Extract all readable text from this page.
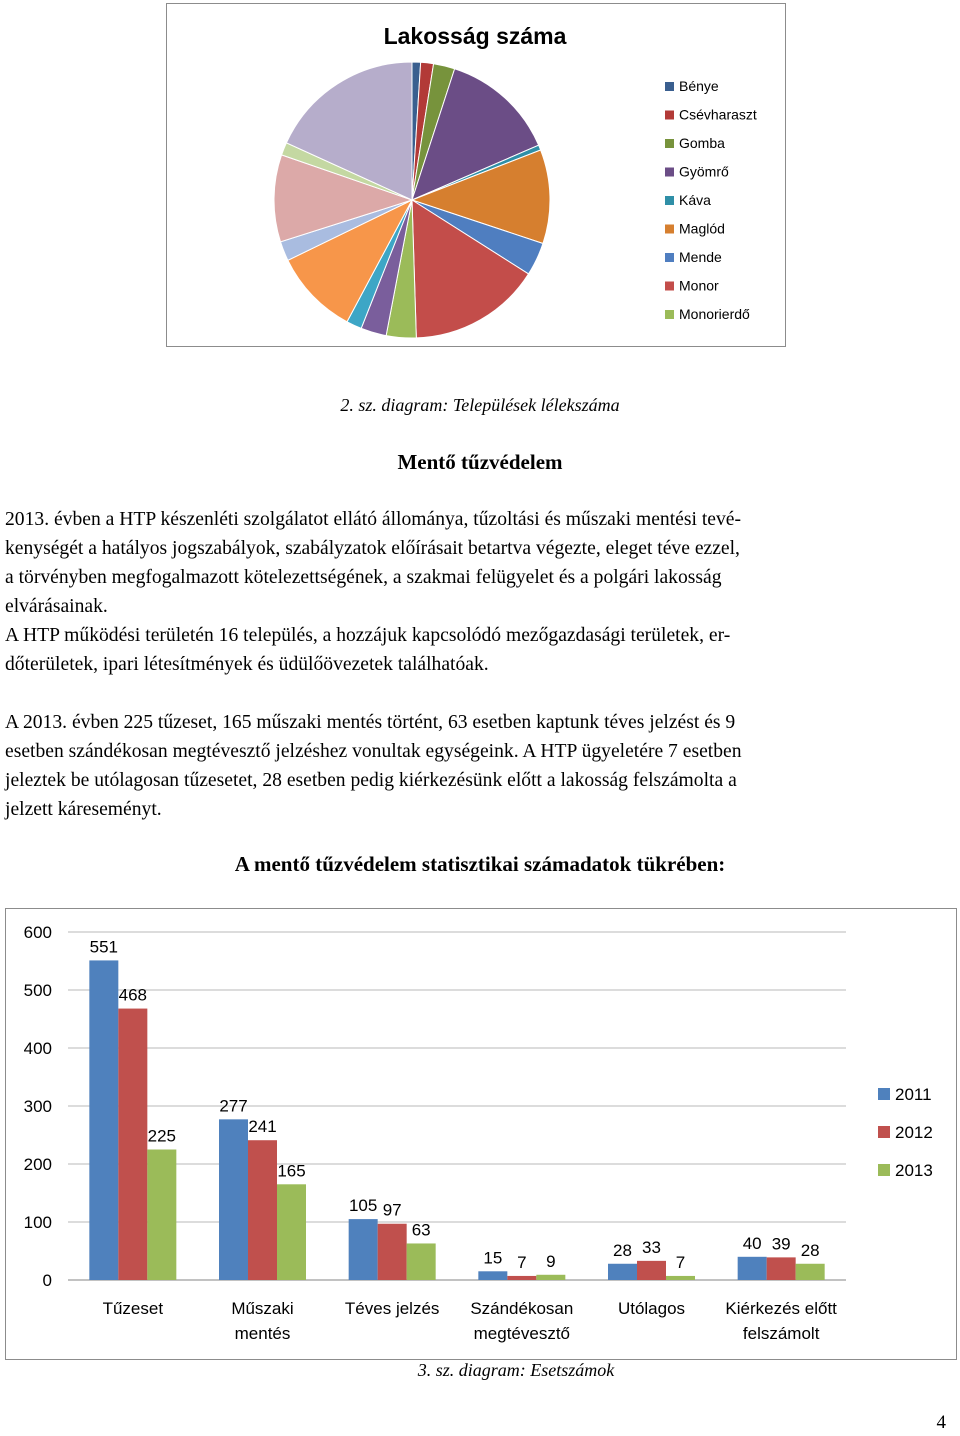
Lakosság száma
Bénye
Csévharaszt
Gomba
Gyömrő
Káva
Maglód
Mende
Monor
Monorierdő
2. sz. diagram: Települések lélekszáma
Mentő tűzvédelem
2013. évben a HTP készenléti szolgálatot ellátó állománya, tűzoltási és műszaki mentési tevé-
kenységét a hatályos jogszabályok, szabályzatok előírásait betartva végezte, eleget téve ezzel,
a törvényben megfogalmazott kötelezettségének, a szakmai felügyelet és a polgári lakosság
elvárásainak.
A HTP működési területén 16 település, a hozzájuk kapcsolódó mezőgazdasági területek, er-
dőterületek, ipari létesítmények és üdülőövezetek találhatóak.
A 2013. évben 225 tűzeset, 165 műszaki mentés történt, 63 esetben kaptunk téves jelzést és 9
esetben szándékosan megtévesztő jelzéshez vonultak egységeink. A HTP ügyeletére 7 esetben
jeleztek be utólagosan tűzesetet, 28 esetben pedig kiérkezésünk előtt a lakosság felszámolta a
jelzett káreseményt.
A mentő tűzvédelem statisztikai számadatok tükrében:
0
100
200
300
400
500
600
551
468
225
Tűzeset
277
241
165
Műszaki
mentés
105 97
63
Téves jelzés
15 7 9
Szándékosan
megtévesztő
28 33
7
Utólagos
40 39 28
Kiérkezés előtt
felszámolt
2011
2012
2013
3. sz. diagram: Esetszámok
4
